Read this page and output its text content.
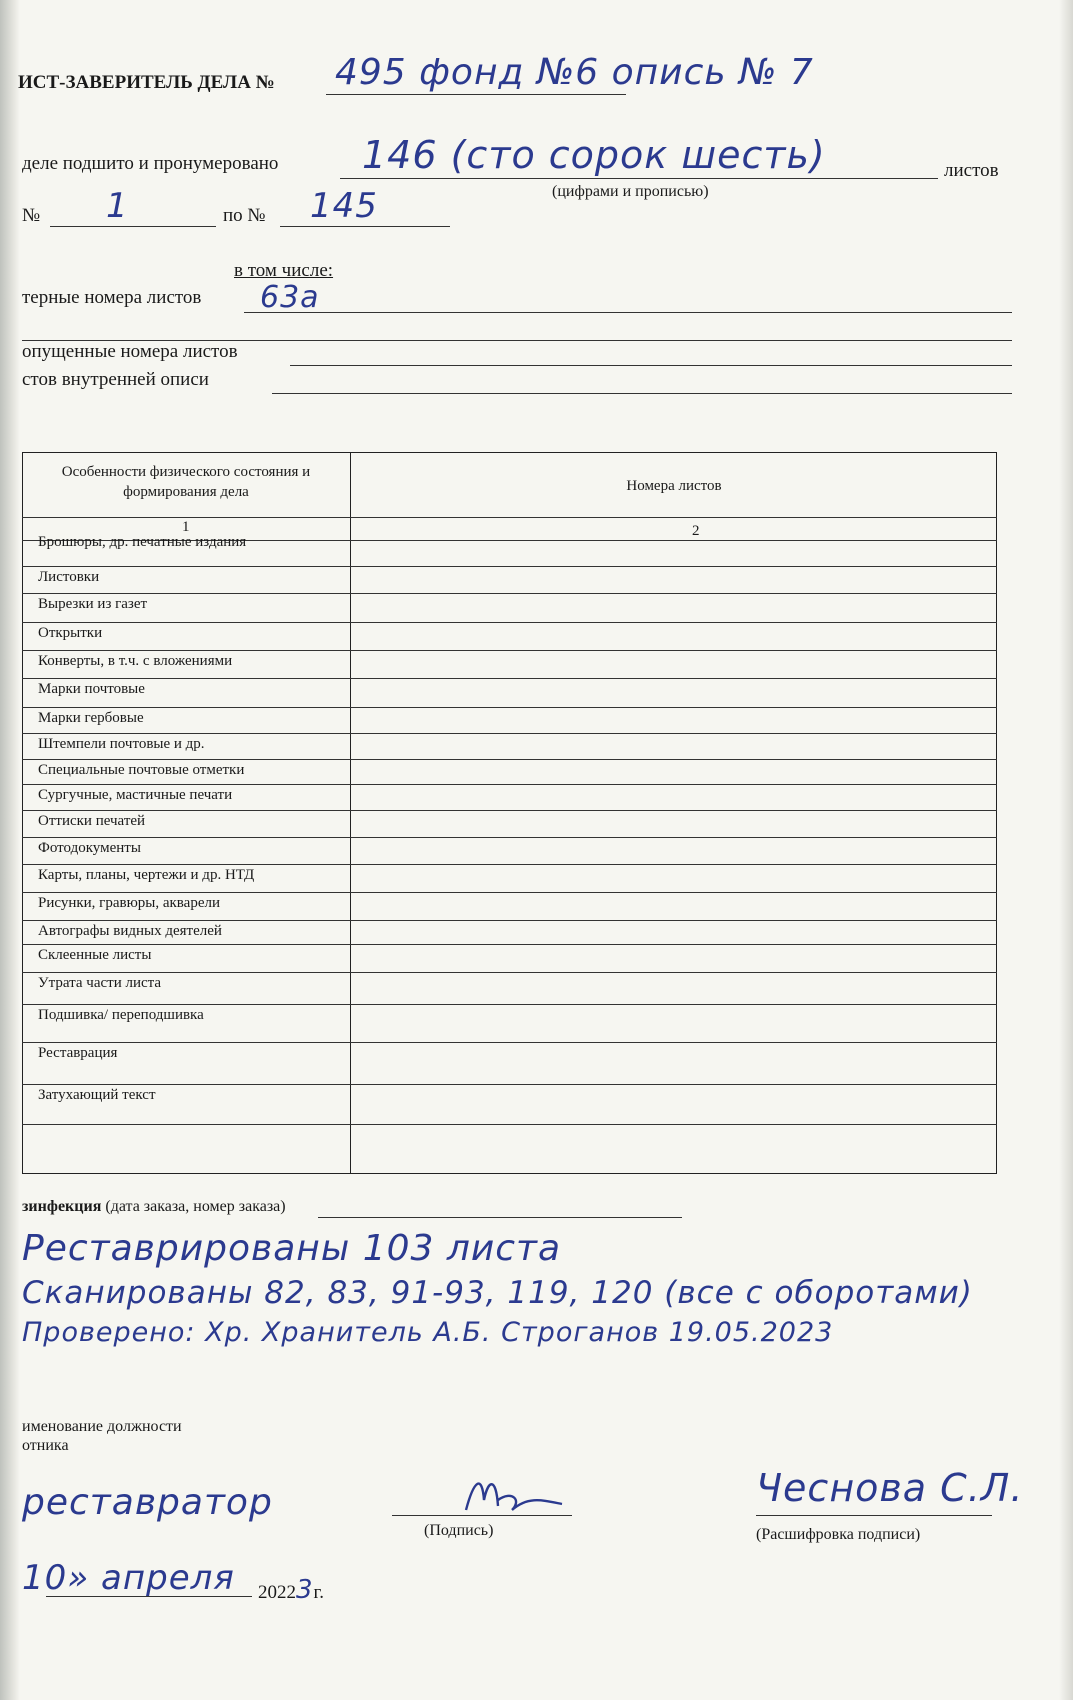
ИСТ-ЗАВЕРИТЕЛЬ ДЕЛА № 495 фонд №6 опись № 7
деле подшито и пронумеровано 146 (сто сорок шесть)	листов
(цифрами и прописью)
№ 1	по № 145
в том числе:
терные номера листов 63а
опущенные номера листов
стов внутренней описи
Особенности физического состояния и формирования дела	Номера листов
1	2
Брошюры, др. печатные издания
Листовки
Вырезки из газет
Открытки
Конверты, в т.ч. с вложениями
Марки почтовые
Марки гербовые
Штемпели почтовые и др.
Специальные почтовые отметки
Сургучные, мастичные печати
Оттиски печатей
Фотодокументы
Карты, планы, чертежи и др. НТД
Рисунки, гравюры, акварели
Автографы видных деятелей
Склеенные листы
Утрата части листа
Подшивка/ переподшивка
Реставрация
Затухающий текст
зинфекция (дата заказа, номер заказа)
Реставрированы 103 листа
Сканированы 82, 83, 91-93, 119, 120 (все с оборотами)
Проверено: Хр. Хранитель А.Б. Строганов 19.05.2023
именование должности
отника
реставратор
(Подпись)
Чеснова С.Л.
(Расшифровка подписи)
10» апреля 20223г.
